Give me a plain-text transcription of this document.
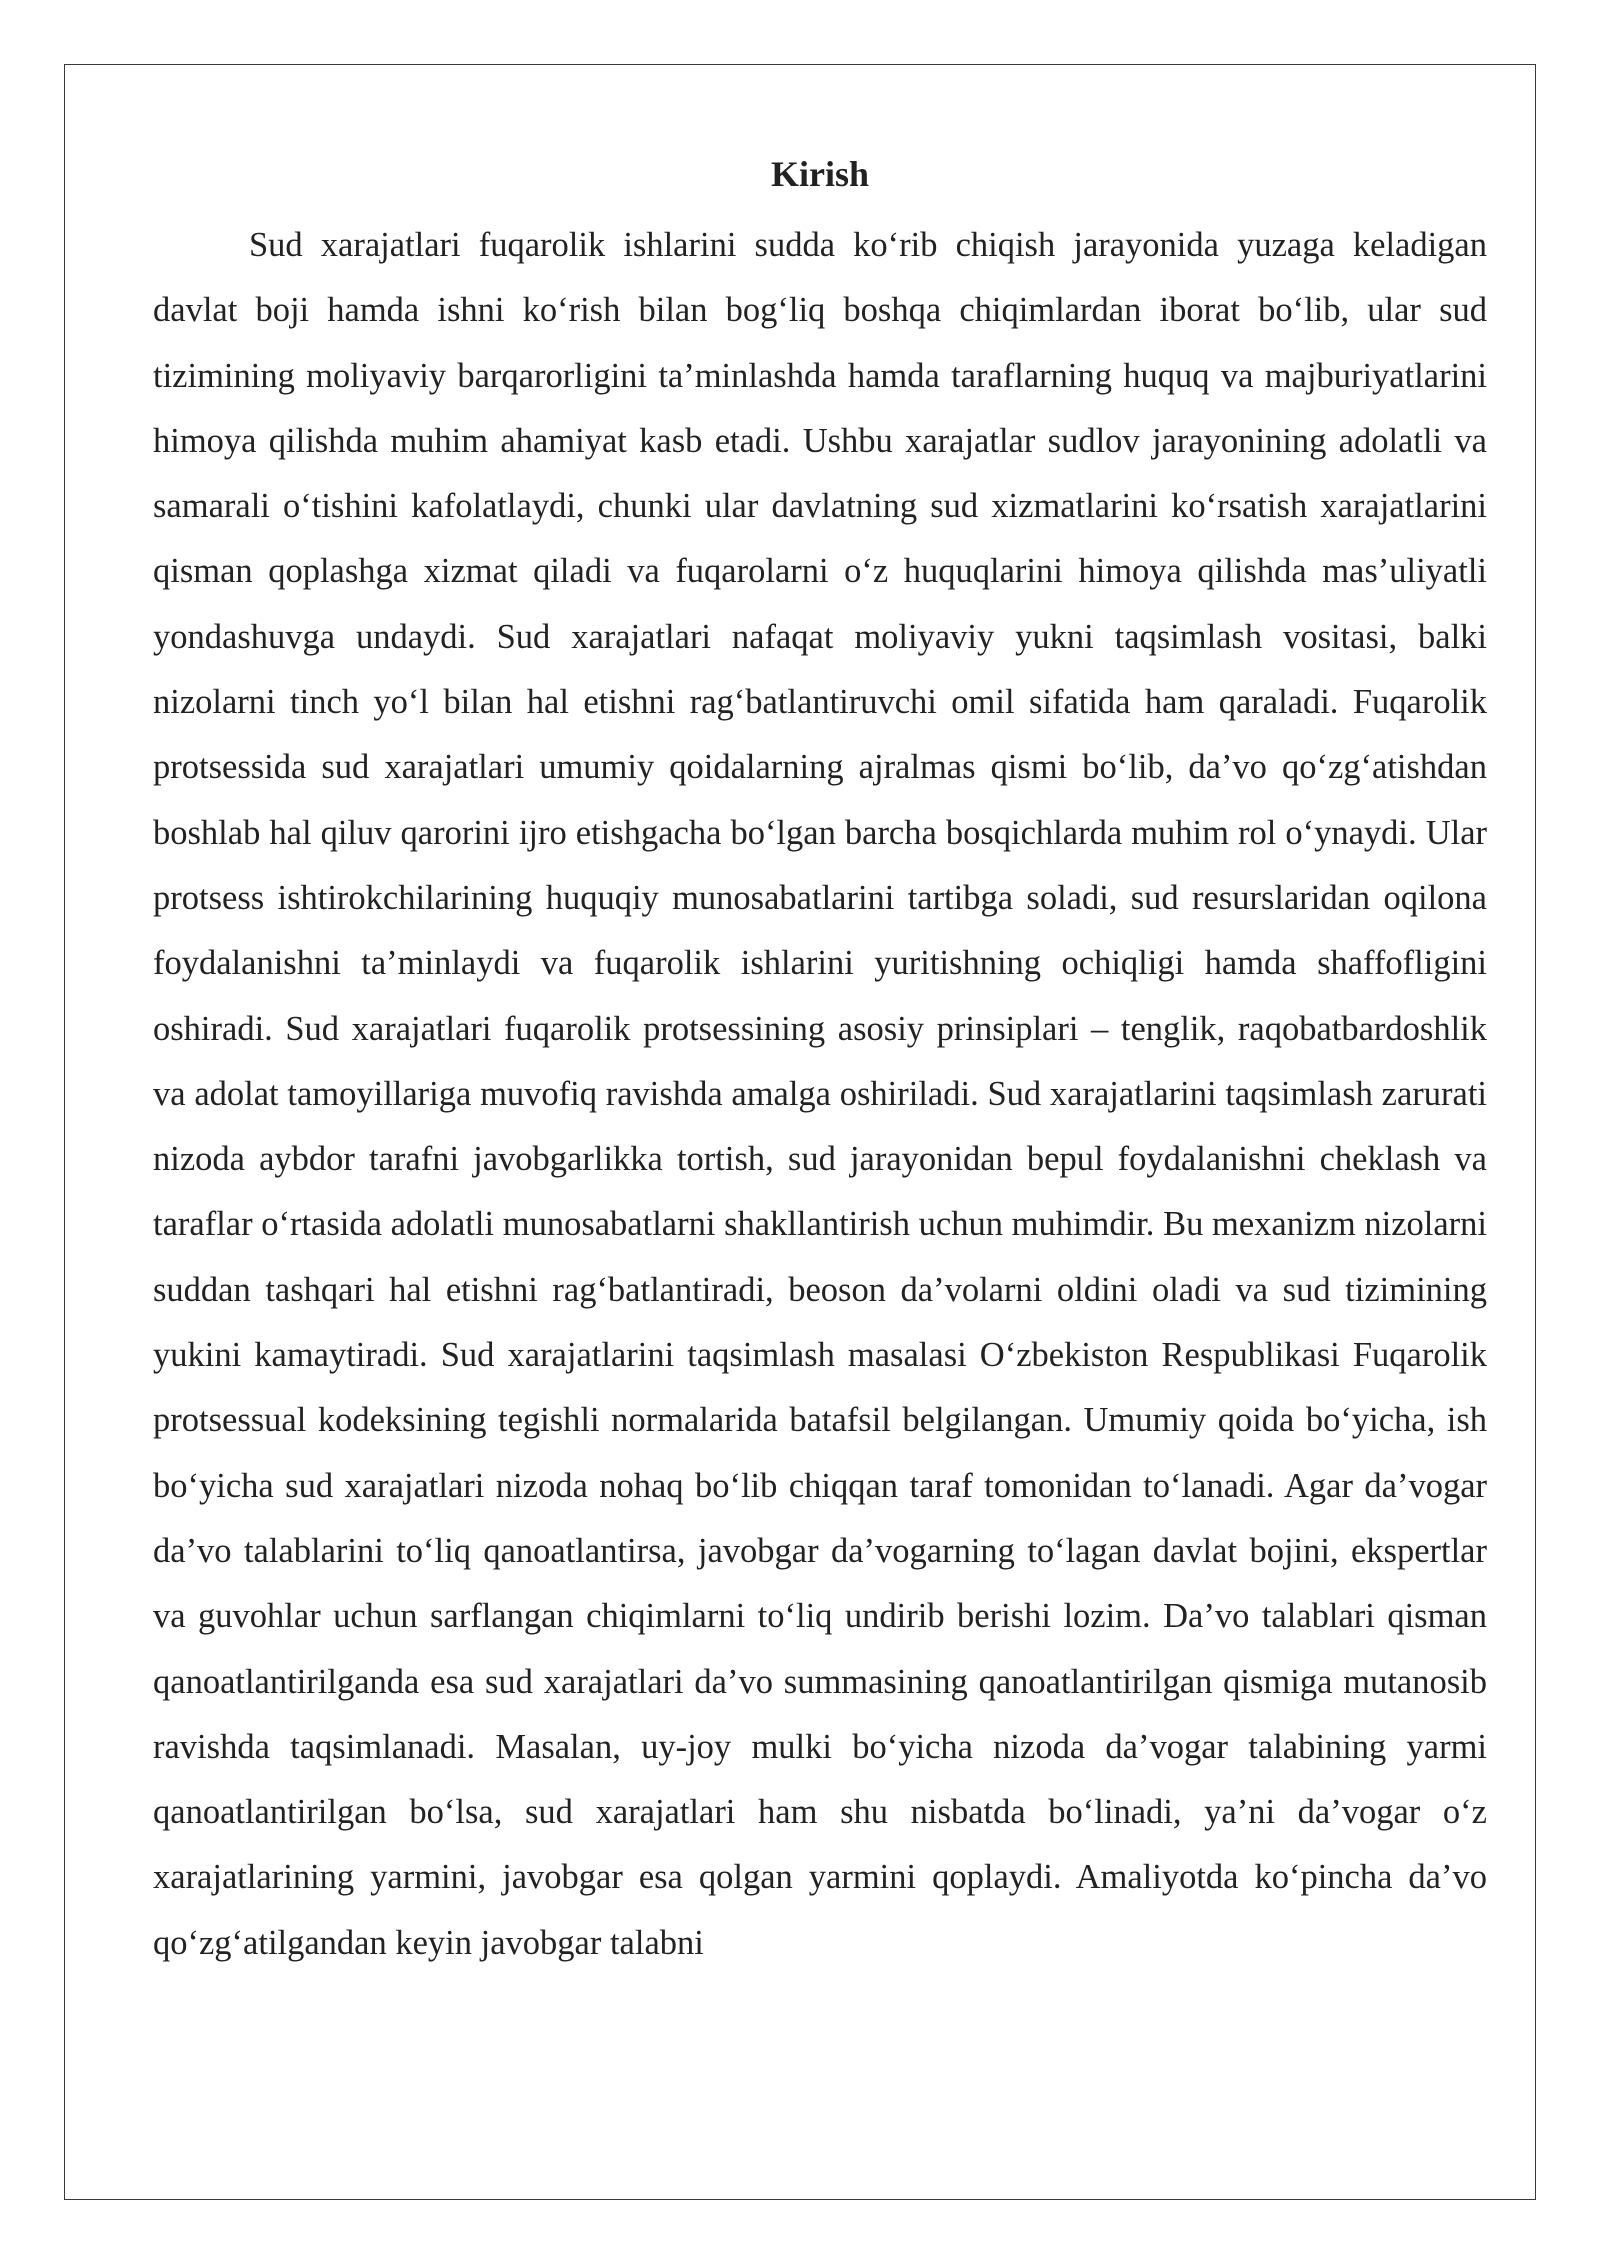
Kirish

Sud xarajatlari fuqarolik ishlarini sudda ko‘rib chiqish jarayonida yuzaga keladigan davlat boji hamda ishni ko‘rish bilan bog‘liq boshqa chiqimlardan iborat bo‘lib, ular sud tizimining moliyaviy barqarorligini ta’minlashda hamda taraflarning huquq va majburiyatlarini himoya qilishda muhim ahamiyat kasb etadi. Ushbu xarajatlar sudlov jarayonining adolatli va samarali o‘tishini kafolatlaydi, chunki ular davlatning sud xizmatlarini ko‘rsatish xarajatlarini qisman qoplashga xizmat qiladi va fuqarolarni o‘z huquqlarini himoya qilishda mas’uliyatli yondashuvga undaydi. Sud xarajatlari nafaqat moliyaviy yukni taqsimlash vositasi, balki nizolarni tinch yo‘l bilan hal etishni rag‘batlantiruvchi omil sifatida ham qaraladi. Fuqarolik protsessida sud xarajatlari umumiy qoidalarning ajralmas qismi bo‘lib, da’vo qo‘zg‘atishdan boshlab hal qiluv qarorini ijro etishgacha bo‘lgan barcha bosqichlarda muhim rol o‘ynaydi. Ular protsess ishtirokchilarining huquqiy munosabatlarini tartibga soladi, sud resurslaridan oqilona foydalanishni ta’minlaydi va fuqarolik ishlarini yuritishning ochiqligi hamda shaffofligini oshiradi. Sud xarajatlari fuqarolik protsessining asosiy prinsiplari – tenglik, raqobatbardoshlik va adolat tamoyillariga muvofiq ravishda amalga oshiriladi. Sud xarajatlarini taqsimlash zarurati nizoda aybdor tarafni javobgarlikka tortish, sud jarayonidan bepul foydalanishni cheklash va taraflar o‘rtasida adolatli munosabatlarni shakllantirish uchun muhimdir. Bu mexanizm nizolarni suddan tashqari hal etishni rag‘batlantiradi, beoson da’volarni oldini oladi va sud tizimining yukini kamaytiradi. Sud xarajatlarini taqsimlash masalasi O‘zbekiston Respublikasi Fuqarolik protsessual kodeksining tegishli normalarida batafsil belgilangan. Umumiy qoida bo‘yicha, ish bo‘yicha sud xarajatlari nizoda nohaq bo‘lib chiqqan taraf tomonidan to‘lanadi. Agar da’vogar da’vo talablarini to‘liq qanoatlantirsa, javobgar da’vogarning to‘lagan davlat bojini, ekspertlar va guvohlar uchun sarflangan chiqimlarni to‘liq undirib berishi lozim. Da’vo talablari qisman qanoatlantirilganda esa sud xarajatlari da’vo summasining qanoatlantirilgan qismiga mutanosib ravishda taqsimlanadi. Masalan, uy-joy mulki bo‘yicha nizoda da’vogar talabining yarmi qanoatlantirilgan bo‘lsa, sud xarajatlari ham shu nisbatda bo‘linadi, ya’ni da’vogar o‘z xarajatlarining yarmini, javobgar esa qolgan yarmini qoplaydi. Amaliyotda ko‘pincha da’vo qo‘zg‘atilgandan keyin javobgar talabni
